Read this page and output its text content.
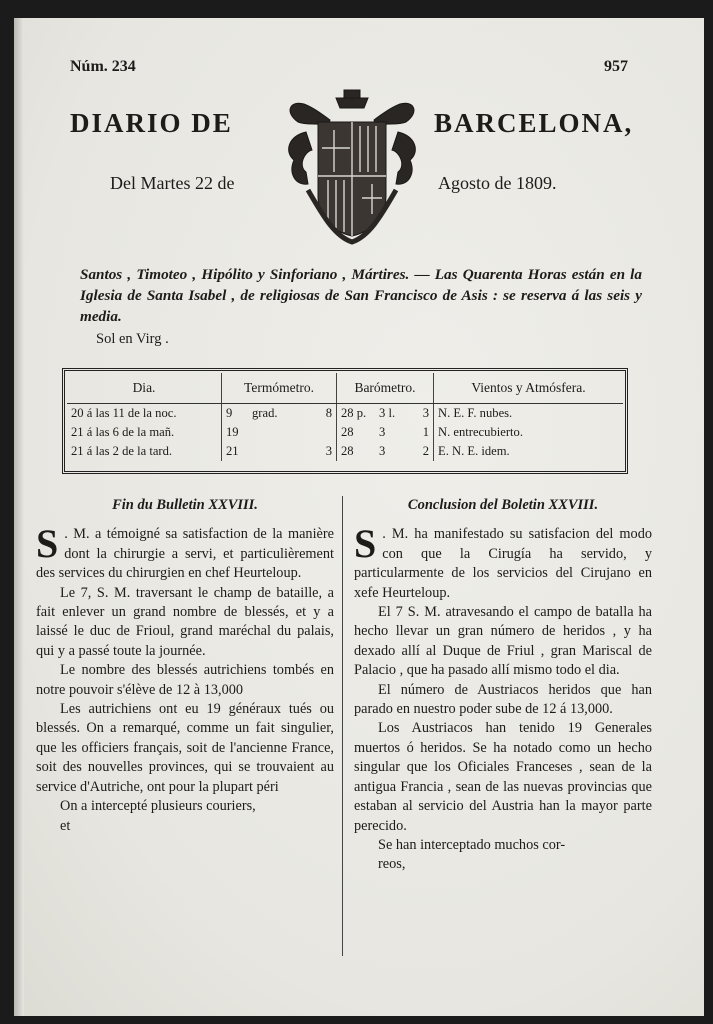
Núm. 234	957
DIARIO DE	BARCELONA,
Del Martes 22 de	Agosto de 1809.
Santos , Timoteo , Hipólito y Sinforiano , Mártires. — Las Quarenta Horas están en la Iglesia de Santa Isabel , de religiosas de San Francisco de Asis : se reserva á las seis y media.
Sol en Virg .
Dia.	Termómetro.	Barómetro.	Vientos y Atmósfera.
20 á las 11 de la noc.	9 grad. 8	28 p. 3 l. 3	N. E. F. nubes.
21 á las 6 de la mañ.	19	28 3 1	N. entrecubierto.
21 á las 2 de la tard.	21 3	28 3 2	E. N. E. idem.
Fin du Bulletin XXVIII.

S . M. a témoigné sa satisfaction de la manière dont la chirurgie a servi, et particulièrement des services du chirurgien en chef Heurteloup.

Le 7, S. M. traversant le champ de bataille, a fait enlever un grand nombre de blessés, et y a laissé le duc de Frioul, grand maréchal du palais, qui y a passé toute la journée.

Le nombre des blessés autrichiens tombés en notre pouvoir s'élève de 12 à 13,000

Les autrichiens ont eu 19 généraux tués ou blessés. On a remarqué, comme un fait singulier, que les officiers français, soit de l'ancienne France, soit des nouvelles provinces, qui se trouvaient au service d'Autriche, ont pour la plupart péri

On a intercepté plusieurs couriers,

et

Conclusion del Boletin XXVIII.

S . M. ha manifestado su satisfacion del modo con que la Cirugía ha servido, y particularmente de los servicios del Cirujano en xefe Heurteloup.

El 7 S. M. atravesando el campo de batalla ha hecho llevar un gran número de heridos , y ha dexado allí al Duque de Friul , gran Mariscal de Palacio , que ha pasado allí mismo todo el dia.

El número de Austriacos heridos que han parado en nuestro poder sube de 12 á 13,000.

Los Austriacos han tenido 19 Generales muertos ó heridos. Se ha notado como un hecho singular que los Oficiales Franceses , sean de la antigua Francia , sean de las nuevas provincias que estaban al servicio del Austria han la mayor parte perecido.

Se han interceptado muchos cor-

reos,
